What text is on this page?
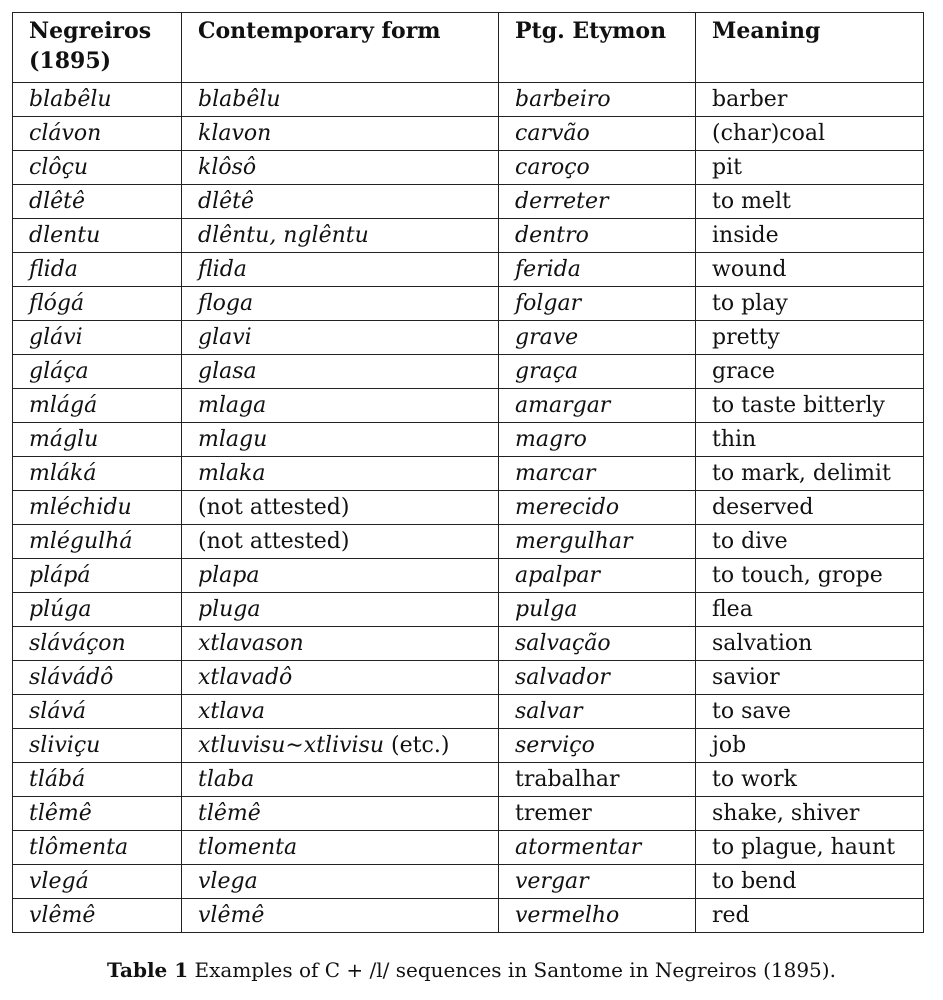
Negreiros (1895)	Contemporary form	Ptg. Etymon	Meaning
blabêlu	blabêlu	barbeiro	barber
clávon	klavon	carvão	(char)coal
clôçu	klôsô	caroço	pit
dlêtê	dlêtê	derreter	to melt
dlentu	dlêntu, nglêntu	dentro	inside
flida	flida	ferida	wound
flógá	floga	folgar	to play
glávi	glavi	grave	pretty
gláça	glasa	graça	grace
mlágá	mlaga	amargar	to taste bitterly
máglu	mlagu	magro	thin
mláká	mlaka	marcar	to mark, delimit
mléchidu	(not attested)	merecido	deserved
mlégulhá	(not attested)	mergulhar	to dive
plápá	plapa	apalpar	to touch, grope
plúga	pluga	pulga	flea
sláváçon	xtlavason	salvação	salvation
slávádô	xtlavadô	salvador	savior
slává	xtlava	salvar	to save
sliviçu	xtluvisu∼xtlivisu (etc.)	serviço	job
tlábá	tlaba	trabalhar	to work
tlêmê	tlêmê	tremer	shake, shiver
tlômenta	tlomenta	atormentar	to plague, haunt
vlegá	vlega	vergar	to bend
vlêmê	vlêmê	vermelho	red
Table 1 Examples of C + /l/ sequences in Santome in Negreiros (1895).
